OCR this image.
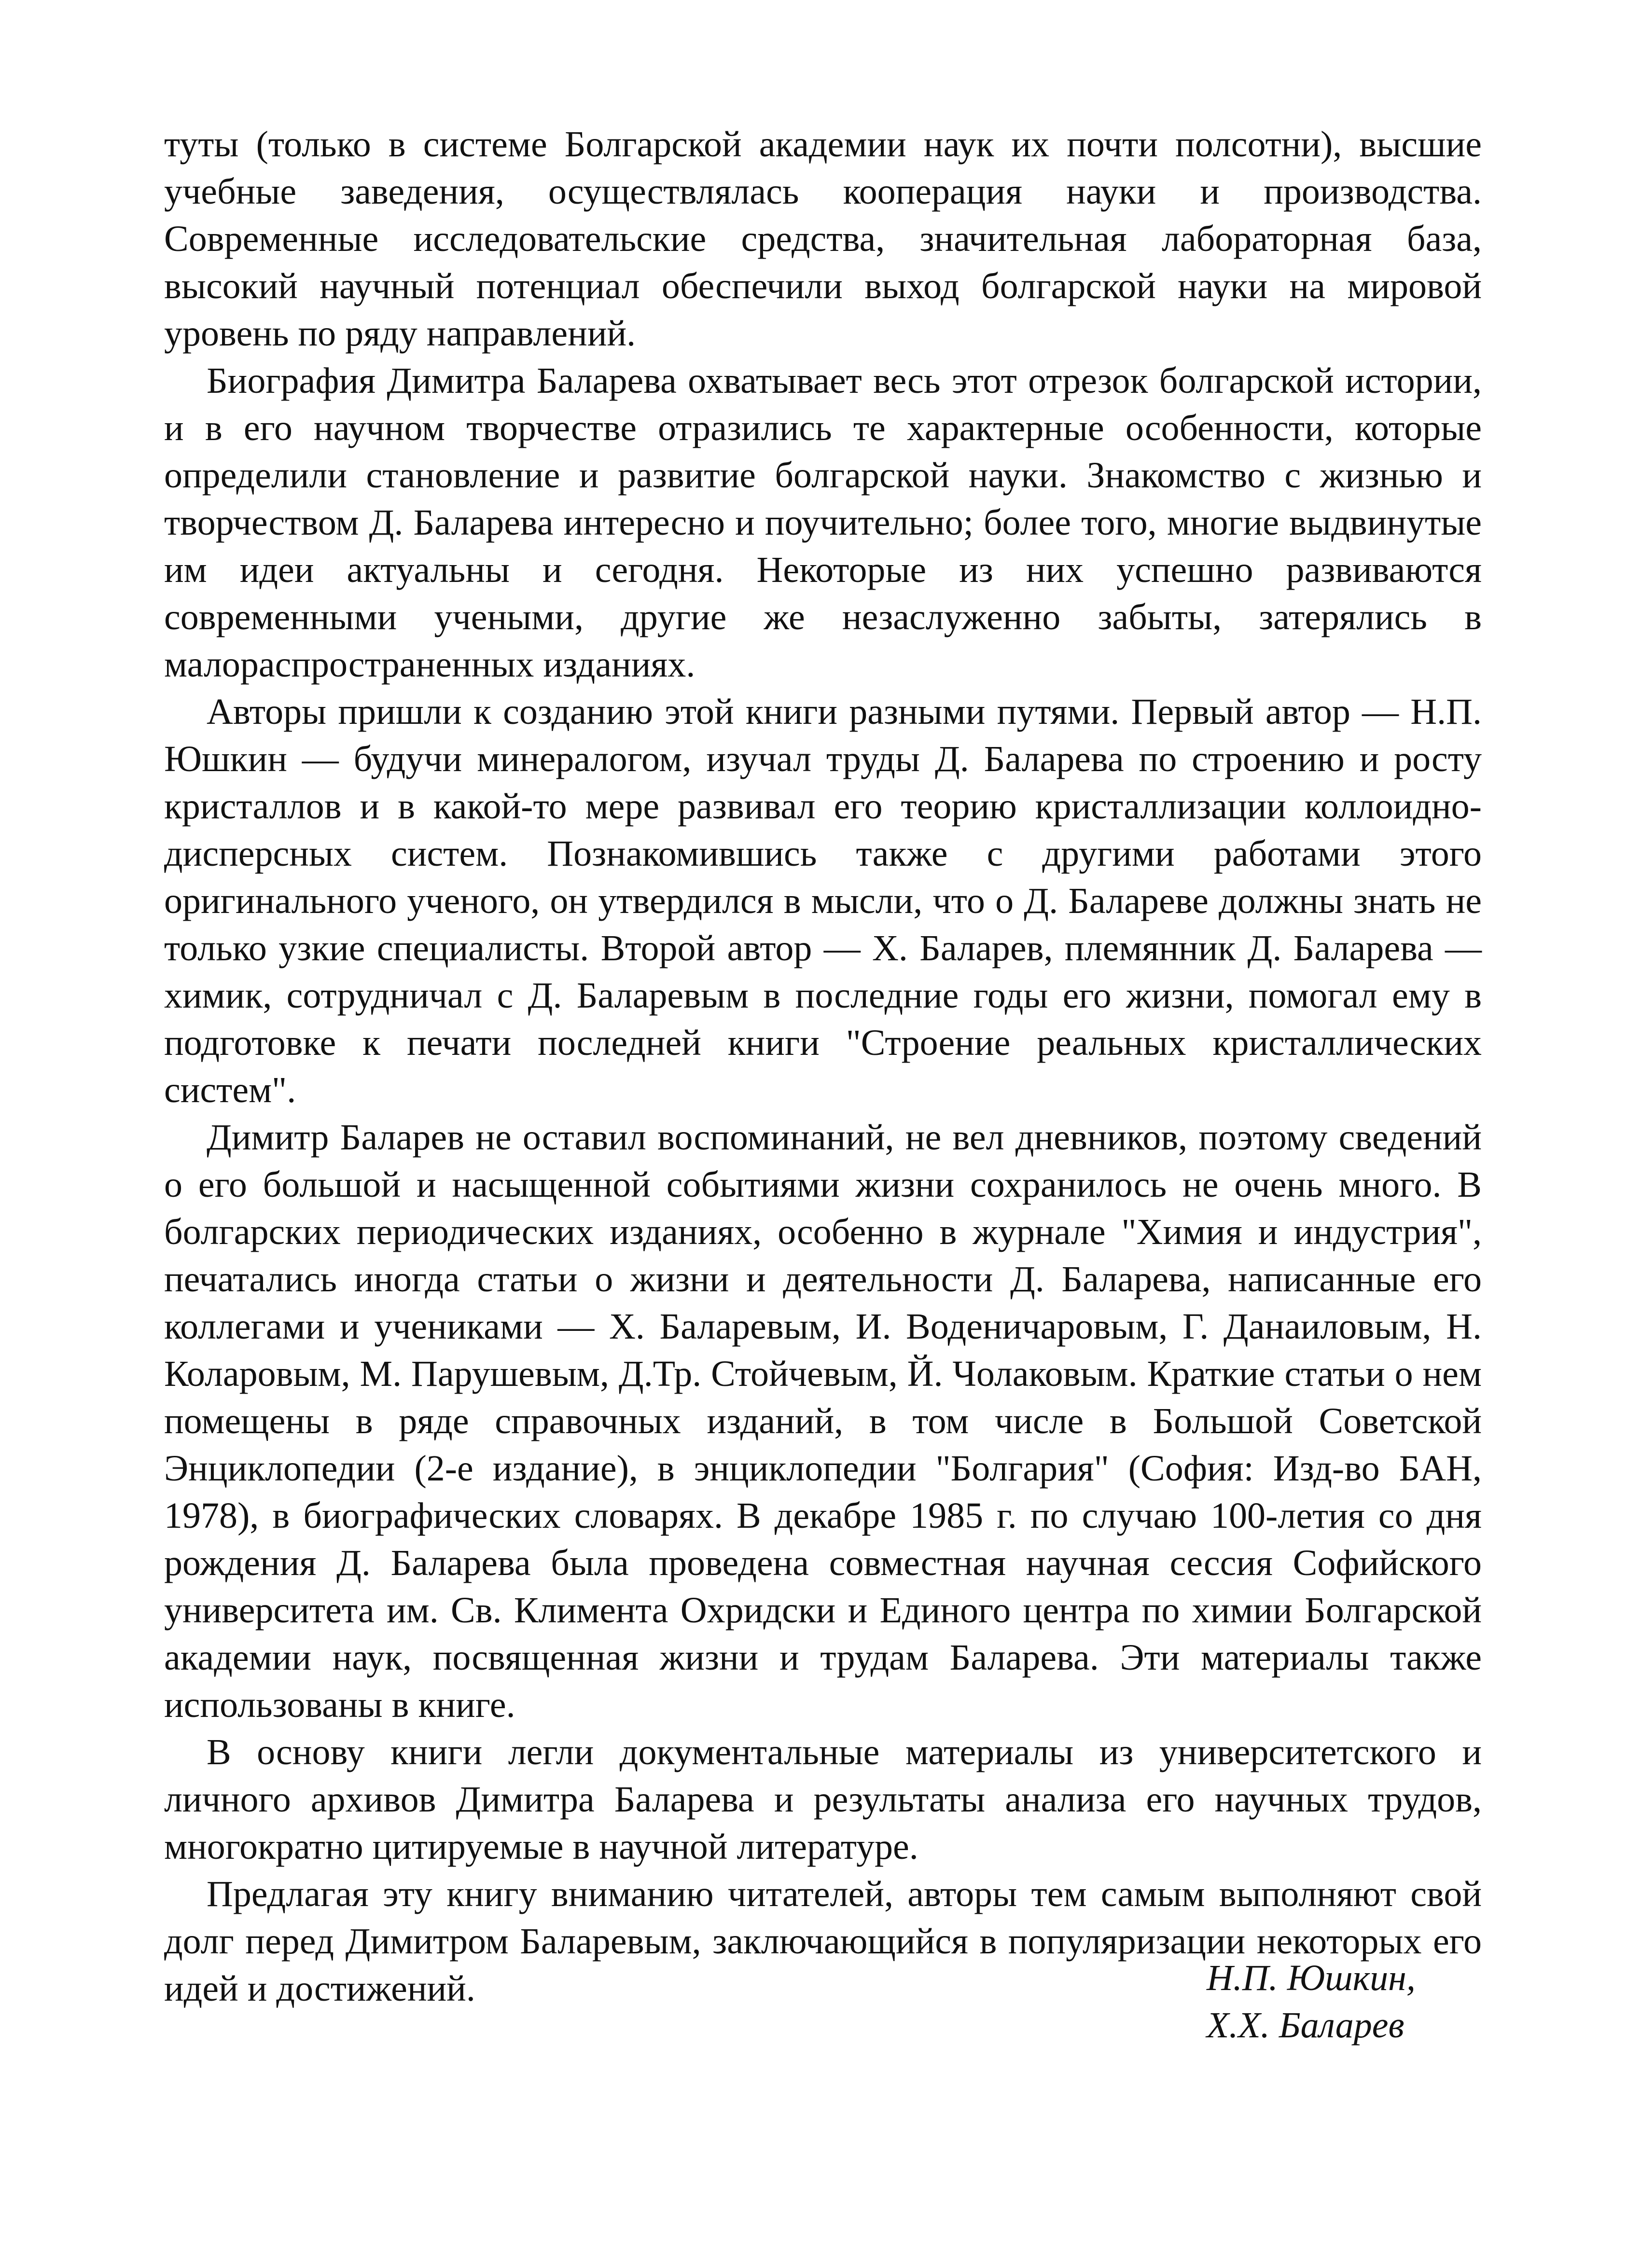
туты (только в системе Болгарской академии наук их почти полсотни), высшие учебные заведения, осуществлялась кооперация науки и производства. Современные исследовательские средства, значительная лабораторная база, высокий научный потенциал обеспечили выход болгарской науки на мировой уровень по ряду направлений.

Биография Димитра Баларева охватывает весь этот отрезок болгарской истории, и в его научном творчестве отразились те характерные особенности, которые определили становление и развитие болгарской науки. Знакомство с жизнью и творчеством Д. Баларева интересно и поучительно; более того, многие выдвинутые им идеи актуальны и сегодня. Некоторые из них успешно развиваются современными учеными, другие же незаслуженно забыты, затерялись в малораспространенных изданиях.

Авторы пришли к созданию этой книги разными путями. Первый автор — Н.П. Юшкин — будучи минералогом, изучал труды Д. Баларева по строению и росту кристаллов и в какой-то мере развивал его теорию кристаллизации коллоидно-дисперсных систем. Познакомившись также с другими работами этого оригинального ученого, он утвердился в мысли, что о Д. Балареве должны знать не только узкие специалисты. Второй автор — Х. Баларев, племянник Д. Баларева — химик, сотрудничал с Д. Баларевым в последние годы его жизни, помогал ему в подготовке к печати последней книги "Строение реальных кристаллических систем".

Димитр Баларев не оставил воспоминаний, не вел дневников, поэтому сведений о его большой и насыщенной событиями жизни сохранилось не очень много. В болгарских периодических изданиях, особенно в журнале "Химия и индустрия", печатались иногда статьи о жизни и деятельности Д. Баларева, написанные его коллегами и учениками — Х. Баларевым, И. Воденичаровым, Г. Данаиловым, Н. Коларовым, М. Парушевым, Д.Тр. Стойчевым, Й. Чолаковым. Краткие статьи о нем помещены в ряде справочных изданий, в том числе в Большой Советской Энциклопедии (2-е издание), в энциклопедии "Болгария" (София: Изд-во БАН, 1978), в биографических словарях. В декабре 1985 г. по случаю 100-летия со дня рождения Д. Баларева была проведена совместная научная сессия Софийского университета им. Св. Климента Охридски и Единого центра по химии Болгарской академии наук, посвященная жизни и трудам Баларева. Эти материалы также использованы в книге.

В основу книги легли документальные материалы из университетского и личного архивов Димитра Баларева и результаты анализа его научных трудов, многократно цитируемые в научной литературе.

Предлагая эту книгу вниманию читателей, авторы тем самым выполняют свой долг перед Димитром Баларевым, заключающийся в популяризации некоторых его идей и достижений.	Н.П. Юшкин,
Х.Х. Баларев
